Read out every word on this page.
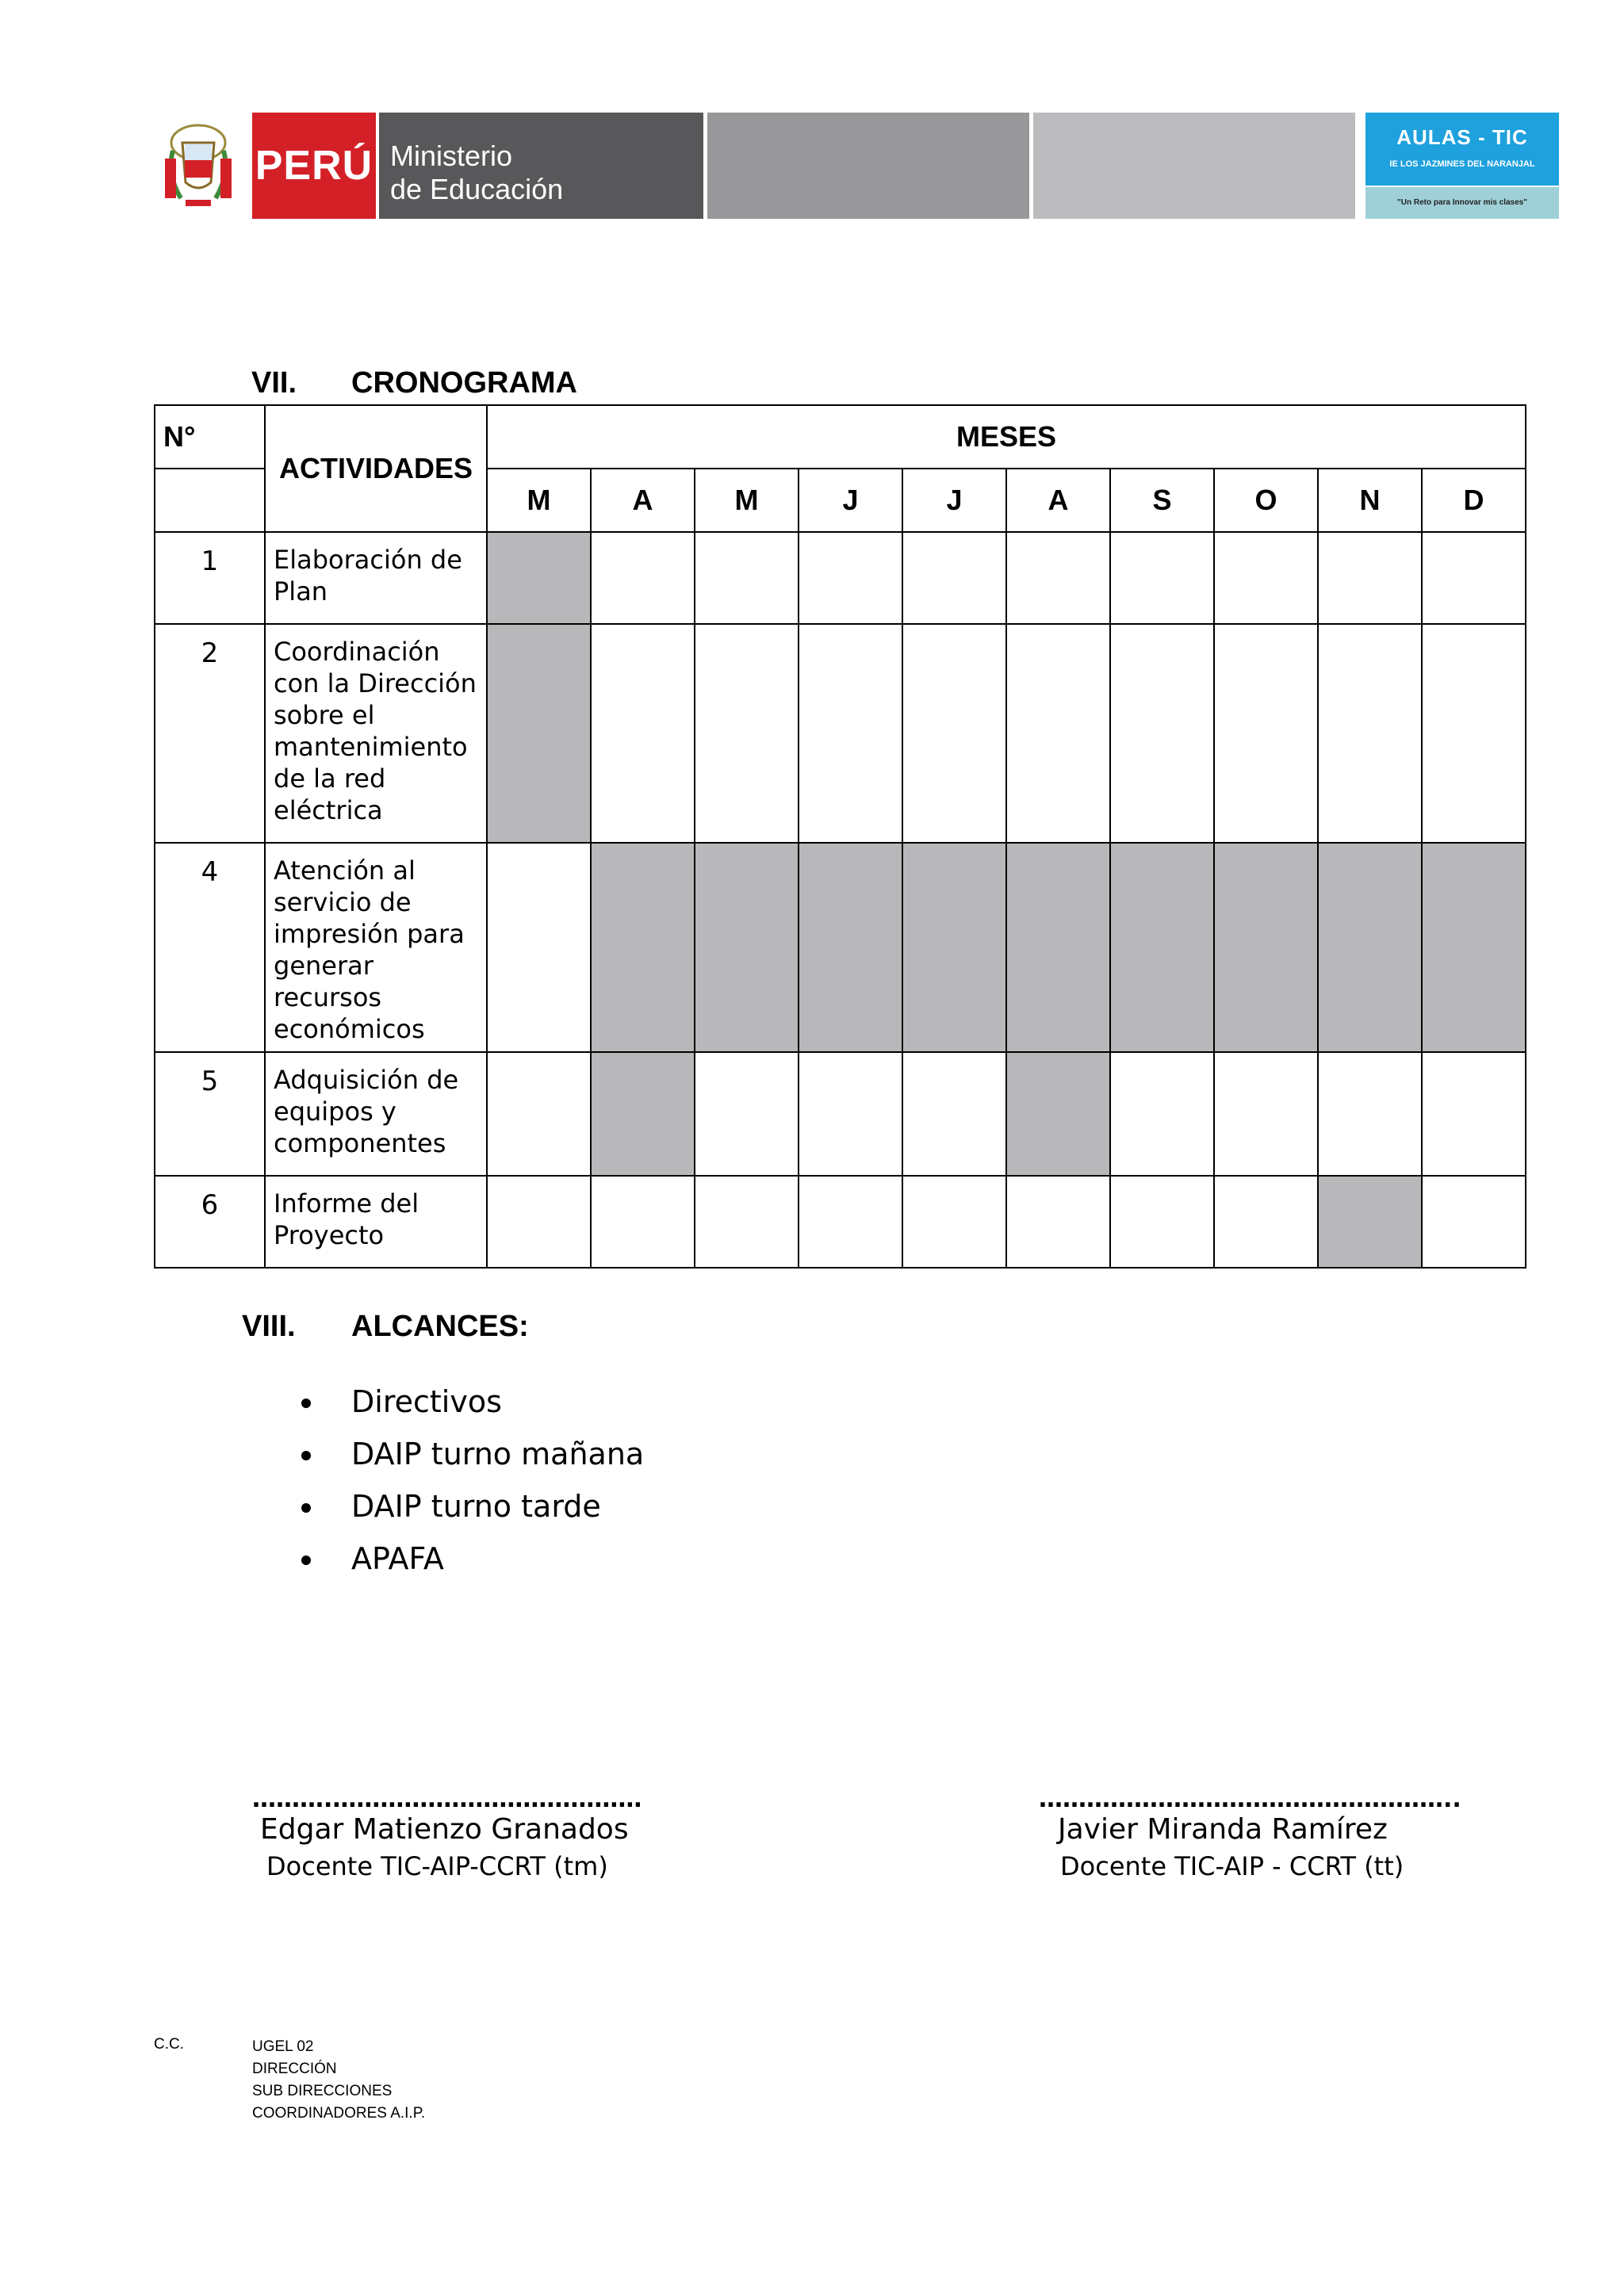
PERÚ Ministerio
de Educación
AULAS - TIC
IE LOS JAZMINES DEL NARANJAL
"Un Reto para Innovar mis clases"
VII. CRONOGRAMA
N°	ACTIVIDADES	MESES									
		M	A	M	J	J	A	S	O	N	D
1	Elaboración de Plan										
2	Coordinación con la Dirección sobre el mantenimiento de la red eléctrica										
4	Atención al servicio de impresión para generar recursos económicos										
5	Adquisición de equipos y componentes										
6	Informe del Proyecto										
VIII. ALCANCES:
Directivos
DAIP turno mañana
DAIP turno tarde
APAFA
……….…………………………………
Edgar Matienzo Granados
Docente TIC-AIP-CCRT (tm)
……………………………………………..
Javier Miranda Ramírez
Docente TIC-AIP - CCRT (tt)
C.C.	UGEL 02
DIRECCIÓN
SUB DIRECCIONES
COORDINADORES A.I.P.
